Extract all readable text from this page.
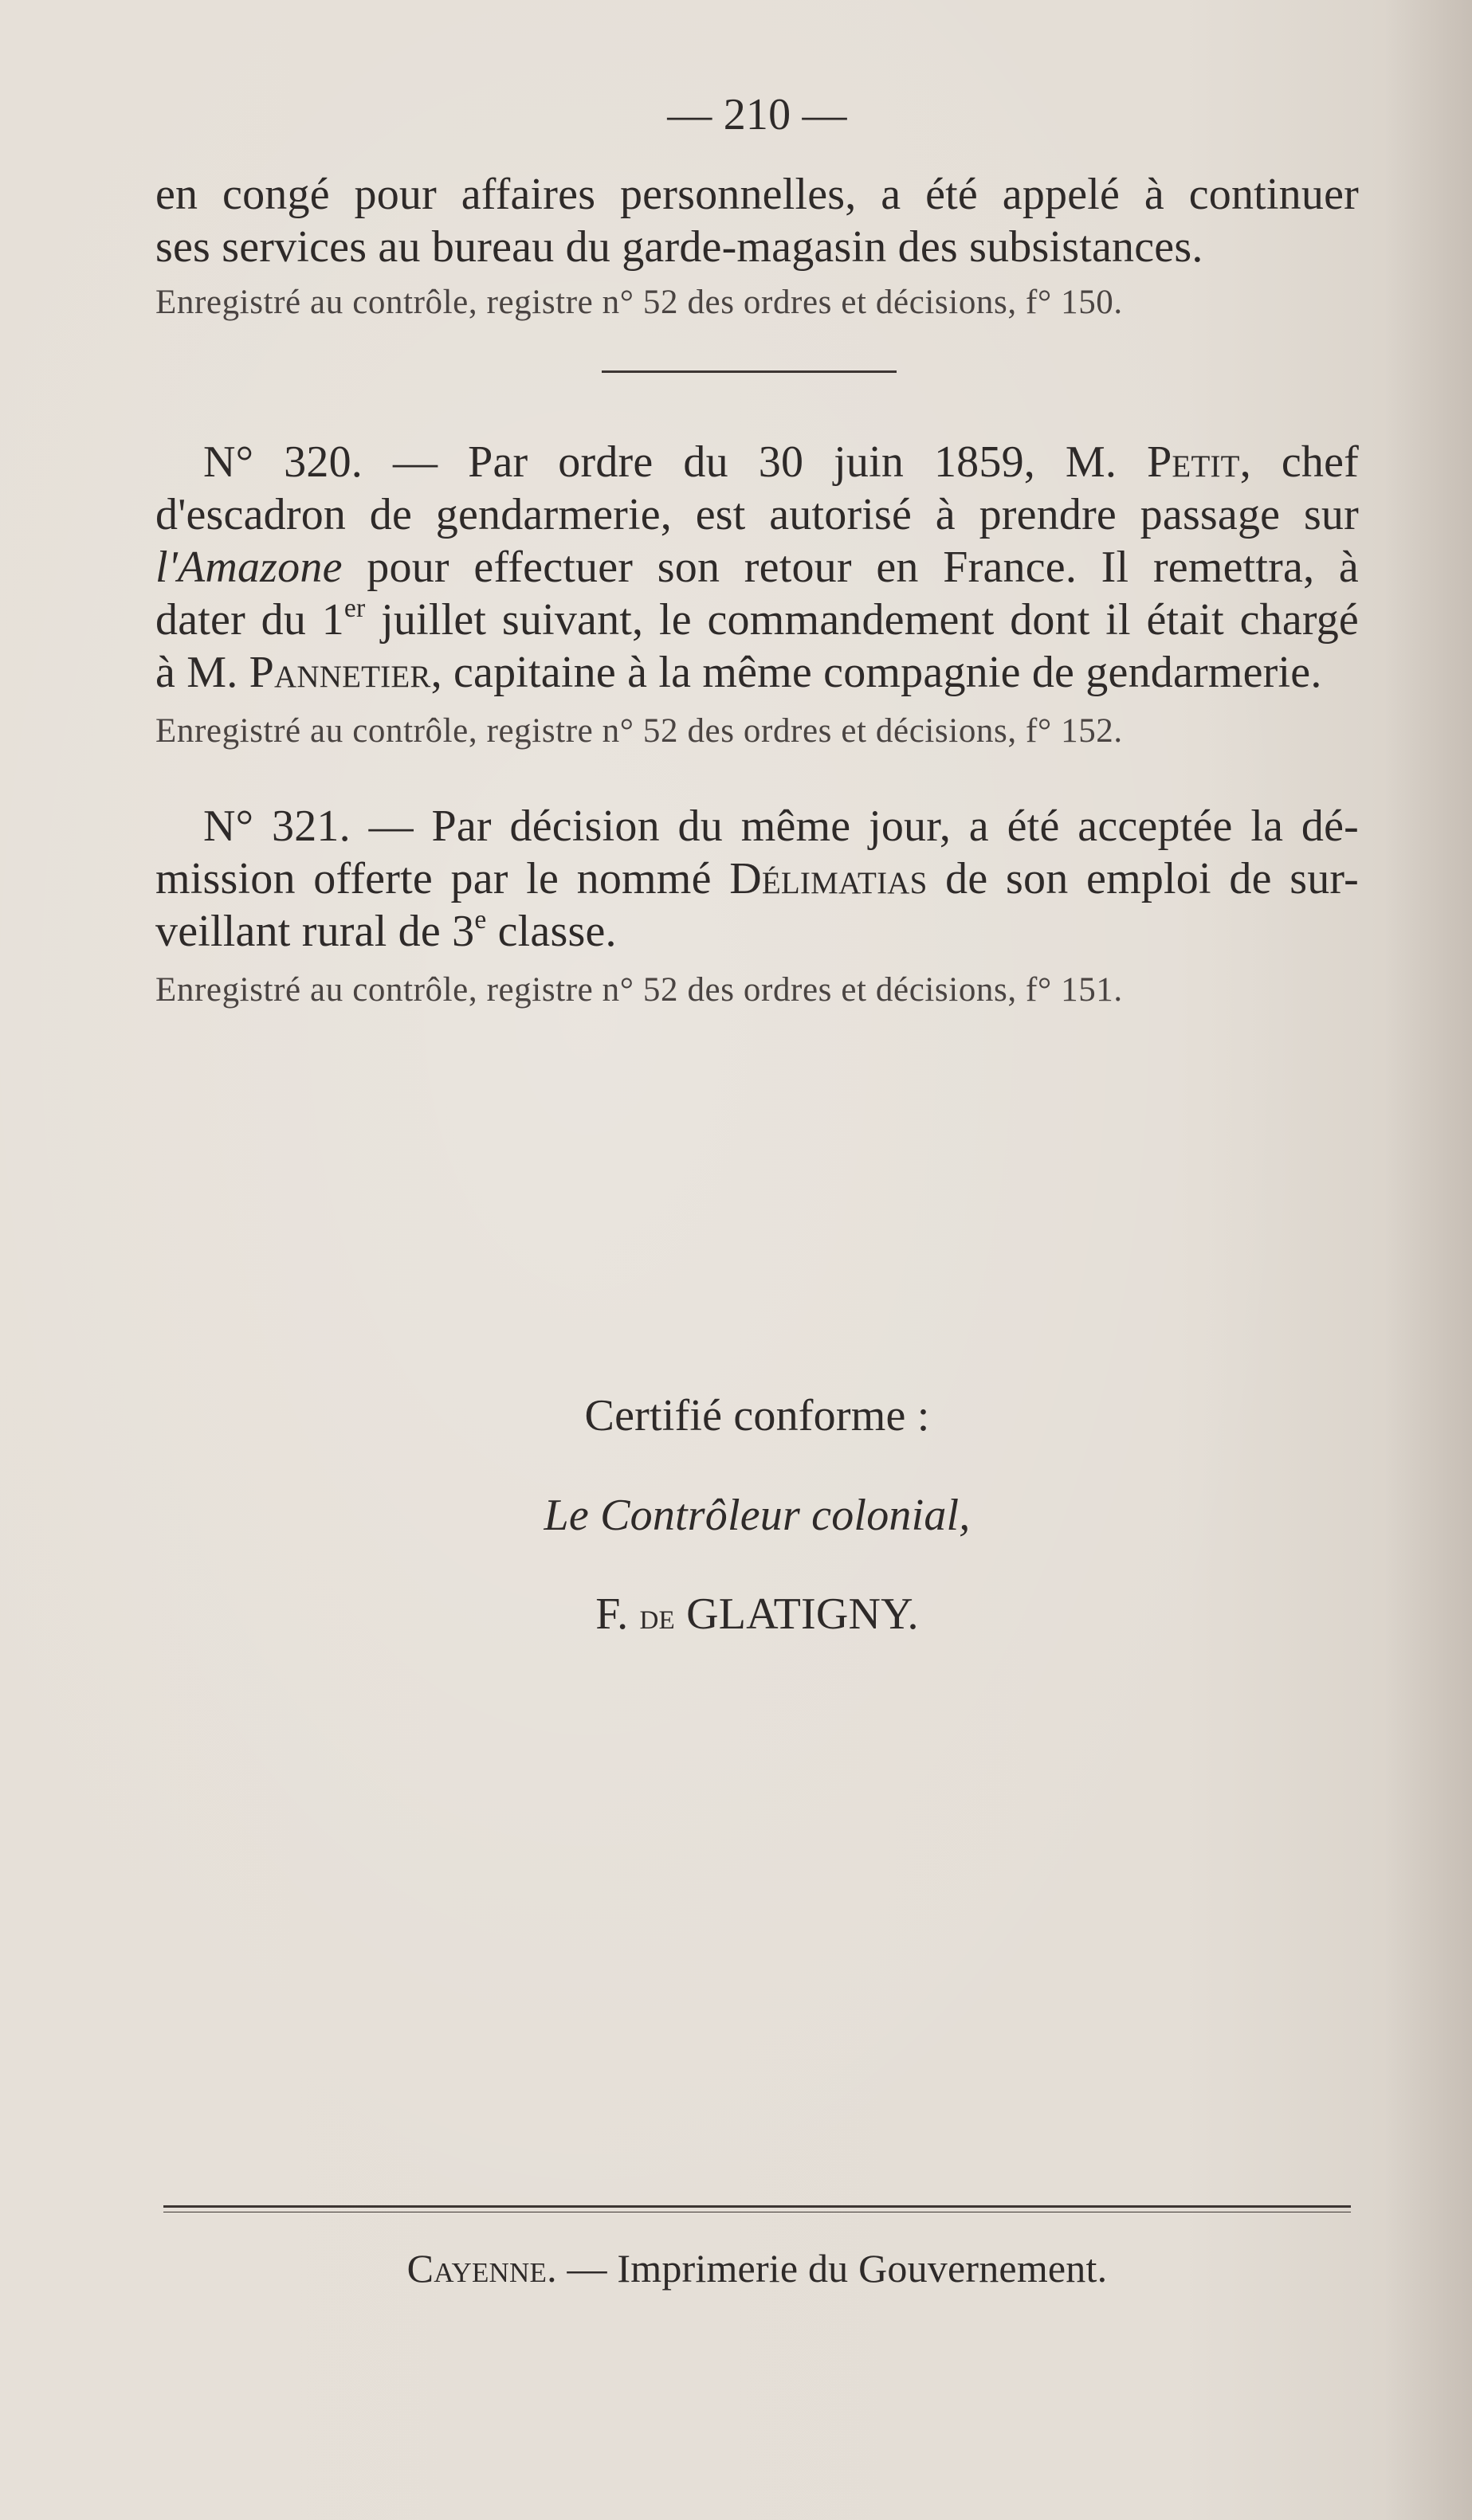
— 210 —
en congé pour affaires personnelles, a été appelé à continuer
ses services au bureau du garde-magasin des subsistances.
Enregistré au contrôle, registre n° 52 des ordres et décisions, f° 150.
N° 320. — Par ordre du 30 juin 1859, M. Petit, chef
d'escadron de gendarmerie, est autorisé à prendre passage sur
l'Amazone pour effectuer son retour en France. Il remettra, à
dater du 1er juillet suivant, le commandement dont il était chargé
à M. Pannetier, capitaine à la même compagnie de gendarmerie.
Enregistré au contrôle, registre n° 52 des ordres et décisions, f° 152.
N° 321. — Par décision du même jour, a été acceptée la dé-
mission offerte par le nommé Délimatias de son emploi de sur-
veillant rural de 3e classe.
Enregistré au contrôle, registre n° 52 des ordres et décisions, f° 151.
Certifié conforme :
Le Contrôleur colonial,
F. de GLATIGNY.
Cayenne. — Imprimerie du Gouvernement.
